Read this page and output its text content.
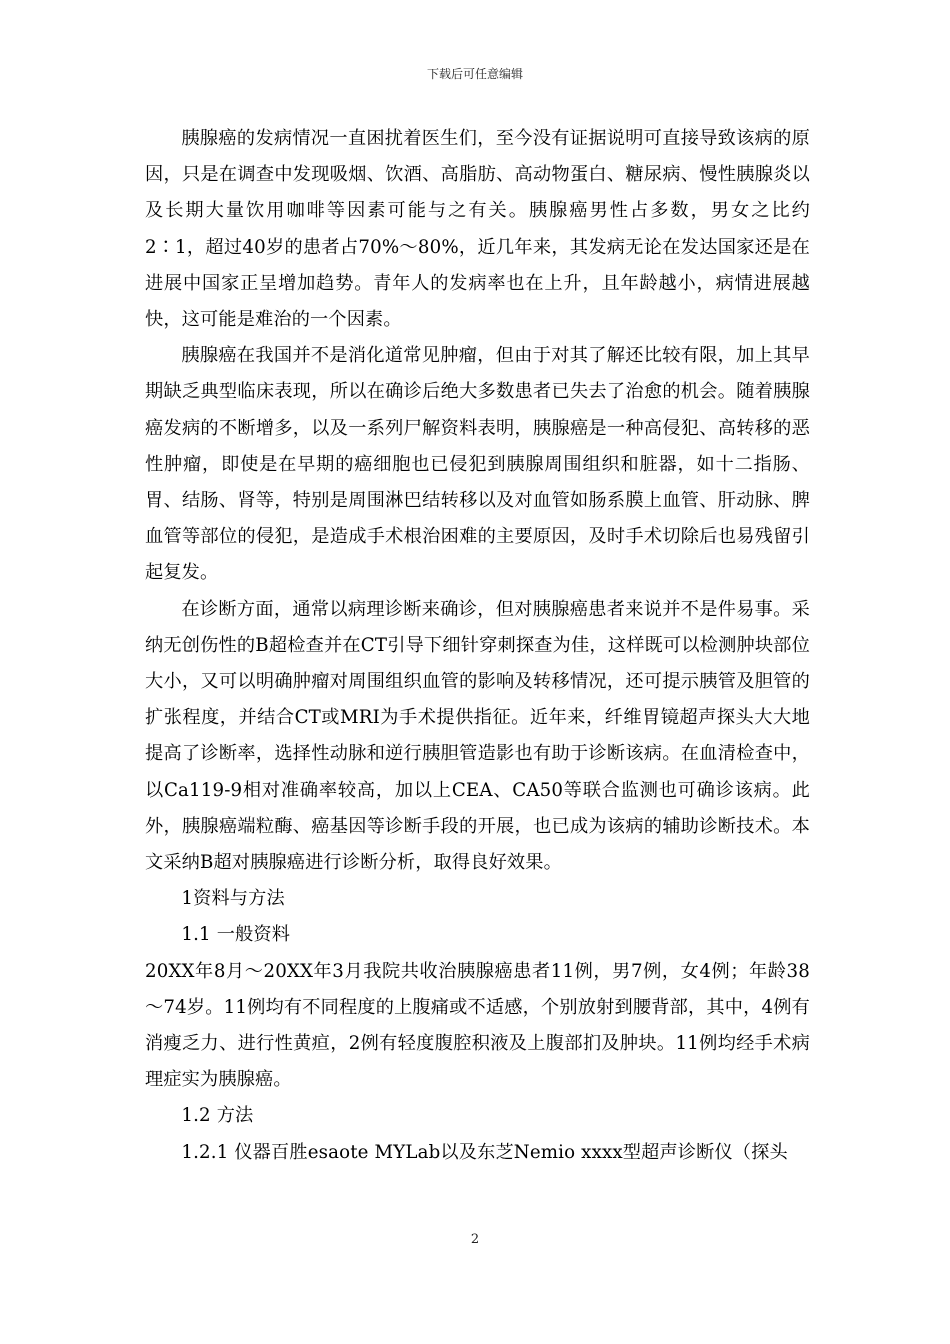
下载后可任意编辑

胰腺癌的发病情况一直困扰着医生们，至今没有证据说明可直接导致该病的原因，只是在调查中发现吸烟、饮酒、高脂肪、高动物蛋白、糖尿病、慢性胰腺炎以及长期大量饮用咖啡等因素可能与之有关。胰腺癌男性占多数，男女之比约2∶1，超过40岁的患者占70%～80%，近几年来，其发病无论在发达国家还是在进展中国家正呈增加趋势。青年人的发病率也在上升，且年龄越小，病情进展越快，这可能是难治的一个因素。

胰腺癌在我国并不是消化道常见肿瘤，但由于对其了解还比较有限，加上其早期缺乏典型临床表现，所以在确诊后绝大多数患者已失去了治愈的机会。随着胰腺癌发病的不断增多，以及一系列尸解资料表明，胰腺癌是一种高侵犯、高转移的恶性肿瘤，即使是在早期的癌细胞也已侵犯到胰腺周围组织和脏器，如十二指肠、胃、结肠、肾等，特别是周围淋巴结转移以及对血管如肠系膜上血管、肝动脉、脾血管等部位的侵犯，是造成手术根治困难的主要原因，及时手术切除后也易残留引起复发。

在诊断方面，通常以病理诊断来确诊，但对胰腺癌患者来说并不是件易事。采纳无创伤性的B超检查并在CT引导下细针穿刺探查为佳，这样既可以检测肿块部位大小，又可以明确肿瘤对周围组织血管的影响及转移情况，还可提示胰管及胆管的扩张程度，并结合CT或MRI为手术提供指征。近年来，纤维胃镜超声探头大大地提高了诊断率，选择性动脉和逆行胰胆管造影也有助于诊断该病。在血清检查中，以Ca119-9相对准确率较高，加以上CEA、CA50等联合监测也可确诊该病。此外，胰腺癌端粒酶、癌基因等诊断手段的开展，也已成为该病的辅助诊断技术。本文采纳B超对胰腺癌进行诊断分析，取得良好效果。

1资料与方法

1.1 一般资料

20XX年8月～20XX年3月我院共收治胰腺癌患者11例，男7例，女4例；年龄38～74岁。11例均有不同程度的上腹痛或不适感，个别放射到腰背部，其中，4例有消瘦乏力、进行性黄疸，2例有轻度腹腔积液及上腹部扪及肿块。11例均经手术病理症实为胰腺癌。

1.2 方法

1.2.1 仪器百胜esaote MYLab以及东芝Nemio xxxx型超声诊断仪（探头

2
